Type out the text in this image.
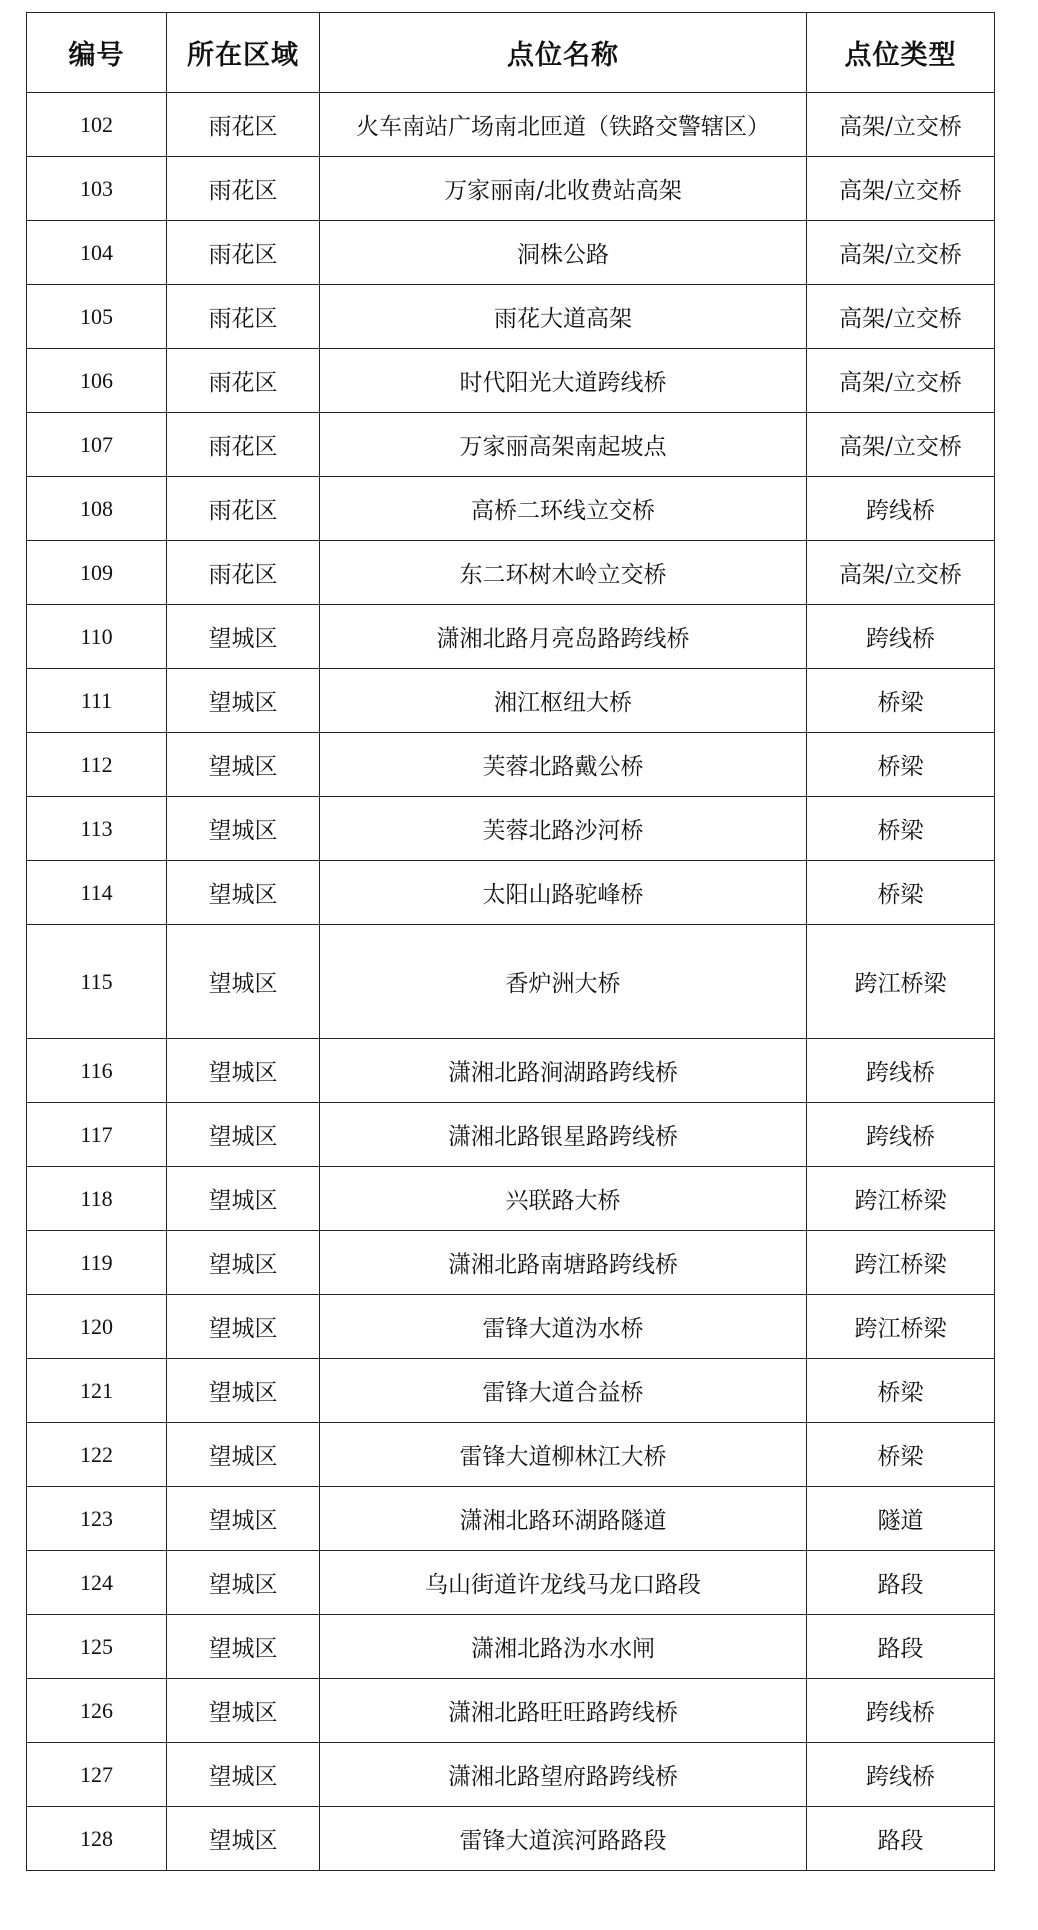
编号	所在区域	点位名称	点位类型
102	雨花区	火车南站广场南北匝道（铁路交警辖区）	高架/立交桥
103	雨花区	万家丽南/北收费站高架	高架/立交桥
104	雨花区	洞株公路	高架/立交桥
105	雨花区	雨花大道高架	高架/立交桥
106	雨花区	时代阳光大道跨线桥	高架/立交桥
107	雨花区	万家丽高架南起坡点	高架/立交桥
108	雨花区	高桥二环线立交桥	跨线桥
109	雨花区	东二环树木岭立交桥	高架/立交桥
110	望城区	潇湘北路月亮岛路跨线桥	跨线桥
111	望城区	湘江枢纽大桥	桥梁
112	望城区	芙蓉北路戴公桥	桥梁
113	望城区	芙蓉北路沙河桥	桥梁
114	望城区	太阳山路驼峰桥	桥梁
115	望城区	香炉洲大桥	跨江桥梁
116	望城区	潇湘北路涧湖路跨线桥	跨线桥
117	望城区	潇湘北路银星路跨线桥	跨线桥
118	望城区	兴联路大桥	跨江桥梁
119	望城区	潇湘北路南塘路跨线桥	跨江桥梁
120	望城区	雷锋大道沩水桥	跨江桥梁
121	望城区	雷锋大道合益桥	桥梁
122	望城区	雷锋大道柳林江大桥	桥梁
123	望城区	潇湘北路环湖路隧道	隧道
124	望城区	乌山街道许龙线马龙口路段	路段
125	望城区	潇湘北路沩水水闸	路段
126	望城区	潇湘北路旺旺路跨线桥	跨线桥
127	望城区	潇湘北路望府路跨线桥	跨线桥
128	望城区	雷锋大道滨河路路段	路段
